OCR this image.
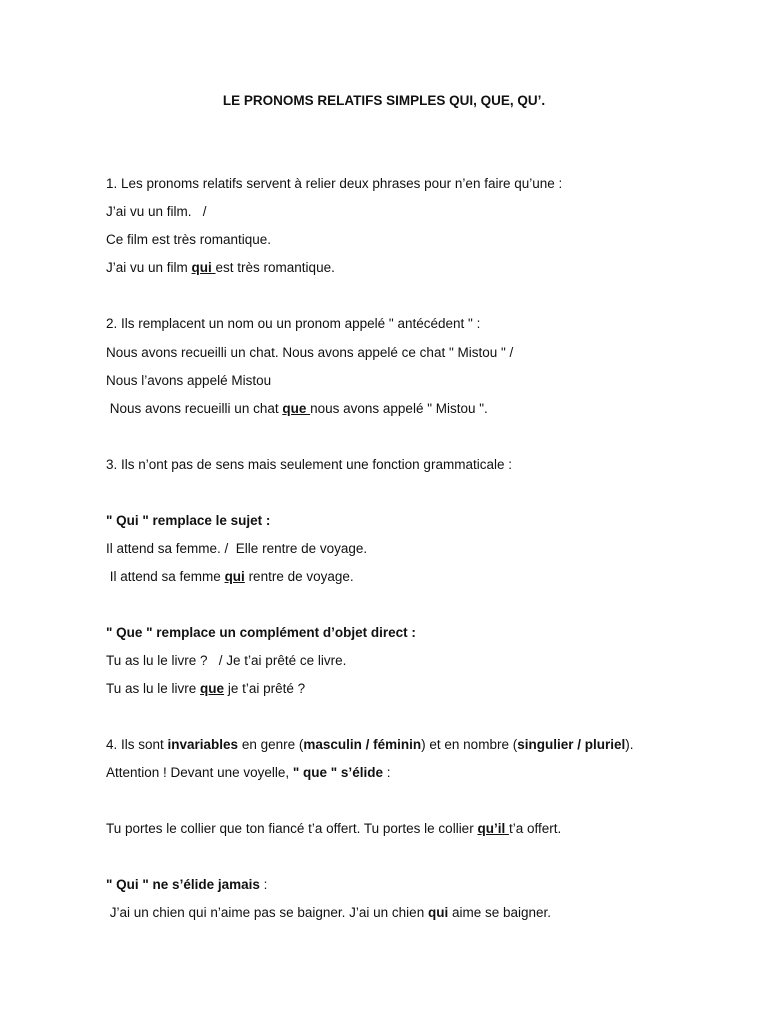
LE PRONOMS RELATIFS SIMPLES QUI, QUE, QU’.
1. Les pronoms relatifs servent à relier deux phrases pour n’en faire qu’une :
J’ai vu un film.   /
Ce film est très romantique.
J’ai vu un film qui est très romantique.
2. Ils remplacent un nom ou un pronom appelé " antécédent " :
Nous avons recueilli un chat. Nous avons appelé ce chat " Mistou " /
Nous l’avons appelé Mistou
Nous avons recueilli un chat que nous avons appelé " Mistou ".
3. Ils n’ont pas de sens mais seulement une fonction grammaticale :
" Qui " remplace le sujet :
Il attend sa femme. /  Elle rentre de voyage.
Il attend sa femme qui rentre de voyage.
" Que " remplace un complément d’objet direct :
Tu as lu le livre ?   / Je t’ai prêté ce livre.
Tu as lu le livre que je t’ai prêté ?
4. Ils sont invariables en genre (masculin / féminin) et en nombre (singulier / pluriel).
Attention ! Devant une voyelle, " que " s’élide :
Tu portes le collier que ton fiancé t’a offert. Tu portes le collier qu’il t’a offert.
" Qui " ne s’élide jamais :
J’ai un chien qui n’aime pas se baigner. J’ai un chien qui aime se baigner.
